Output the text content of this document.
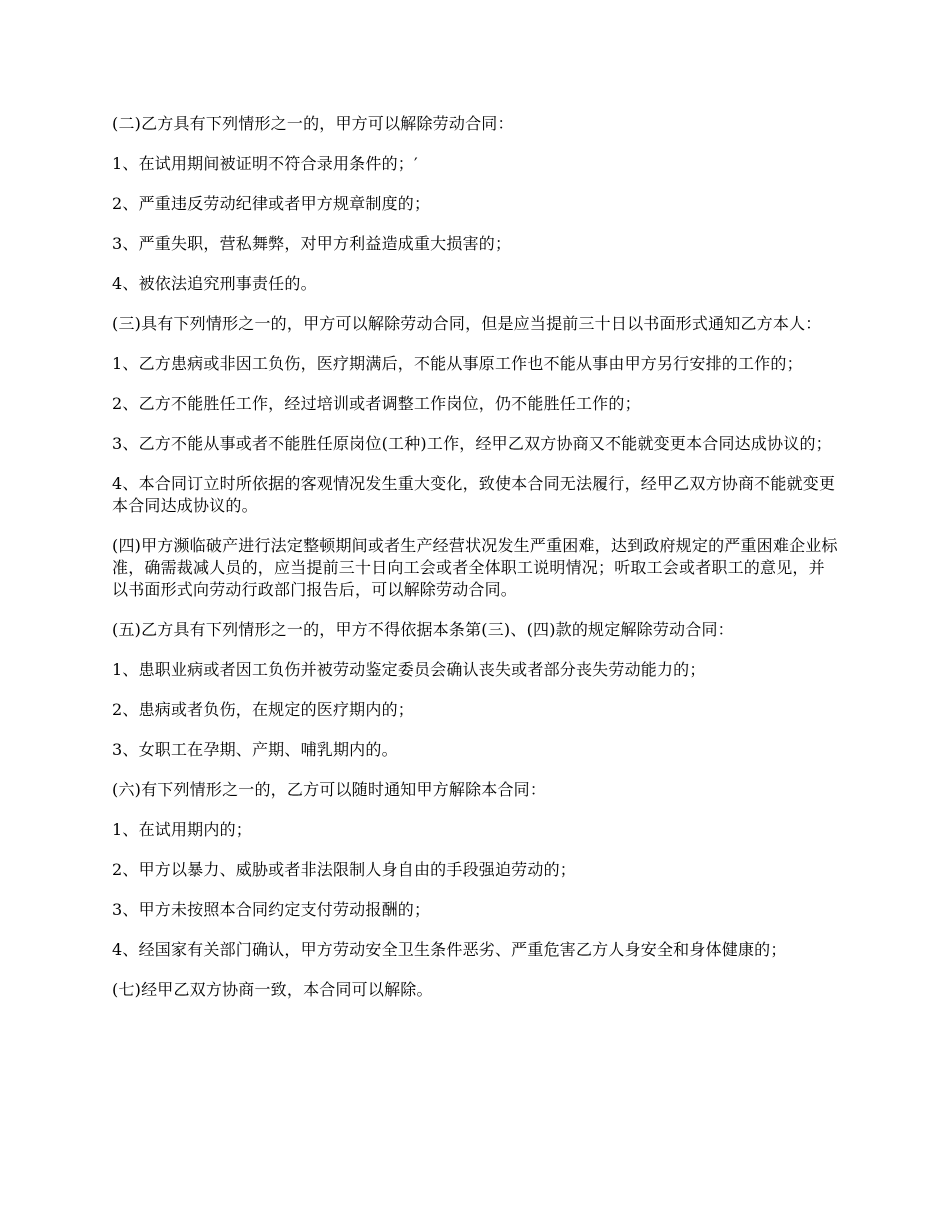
(二)乙方具有下列情形之一的，甲方可以解除劳动合同：

1、在试用期间被证明不符合录用条件的；′

2、严重违反劳动纪律或者甲方规章制度的；

3、严重失职，营私舞弊，对甲方利益造成重大损害的；

4、被依法追究刑事责任的。

(三)具有下列情形之一的，甲方可以解除劳动合同，但是应当提前三十日以书面形式通知乙方本人：

1、乙方患病或非因工负伤，医疗期满后，不能从事原工作也不能从事由甲方另行安排的工作的；

2、乙方不能胜任工作，经过培训或者调整工作岗位，仍不能胜任工作的；

3、乙方不能从事或者不能胜任原岗位(工种)工作，经甲乙双方协商又不能就变更本合同达成协议的；

4、本合同订立时所依据的客观情况发生重大变化，致使本合同无法履行，经甲乙双方协商不能就变更本合同达成协议的。

(四)甲方濒临破产进行法定整顿期间或者生产经营状况发生严重困难，达到政府规定的严重困难企业标准，确需裁减人员的，应当提前三十日向工会或者全体职工说明情况；听取工会或者职工的意见，并以书面形式向劳动行政部门报告后，可以解除劳动合同。

(五)乙方具有下列情形之一的，甲方不得依据本条第(三)、(四)款的规定解除劳动合同：

1、患职业病或者因工负伤并被劳动鉴定委员会确认丧失或者部分丧失劳动能力的；

2、患病或者负伤，在规定的医疗期内的；

3、女职工在孕期、产期、哺乳期内的。

(六)有下列情形之一的，乙方可以随时通知甲方解除本合同：

1、在试用期内的；

2、甲方以暴力、威胁或者非法限制人身自由的手段强迫劳动的；

3、甲方未按照本合同约定支付劳动报酬的；

4、经国家有关部门确认，甲方劳动安全卫生条件恶劣、严重危害乙方人身安全和身体健康的；

(七)经甲乙双方协商一致，本合同可以解除。
